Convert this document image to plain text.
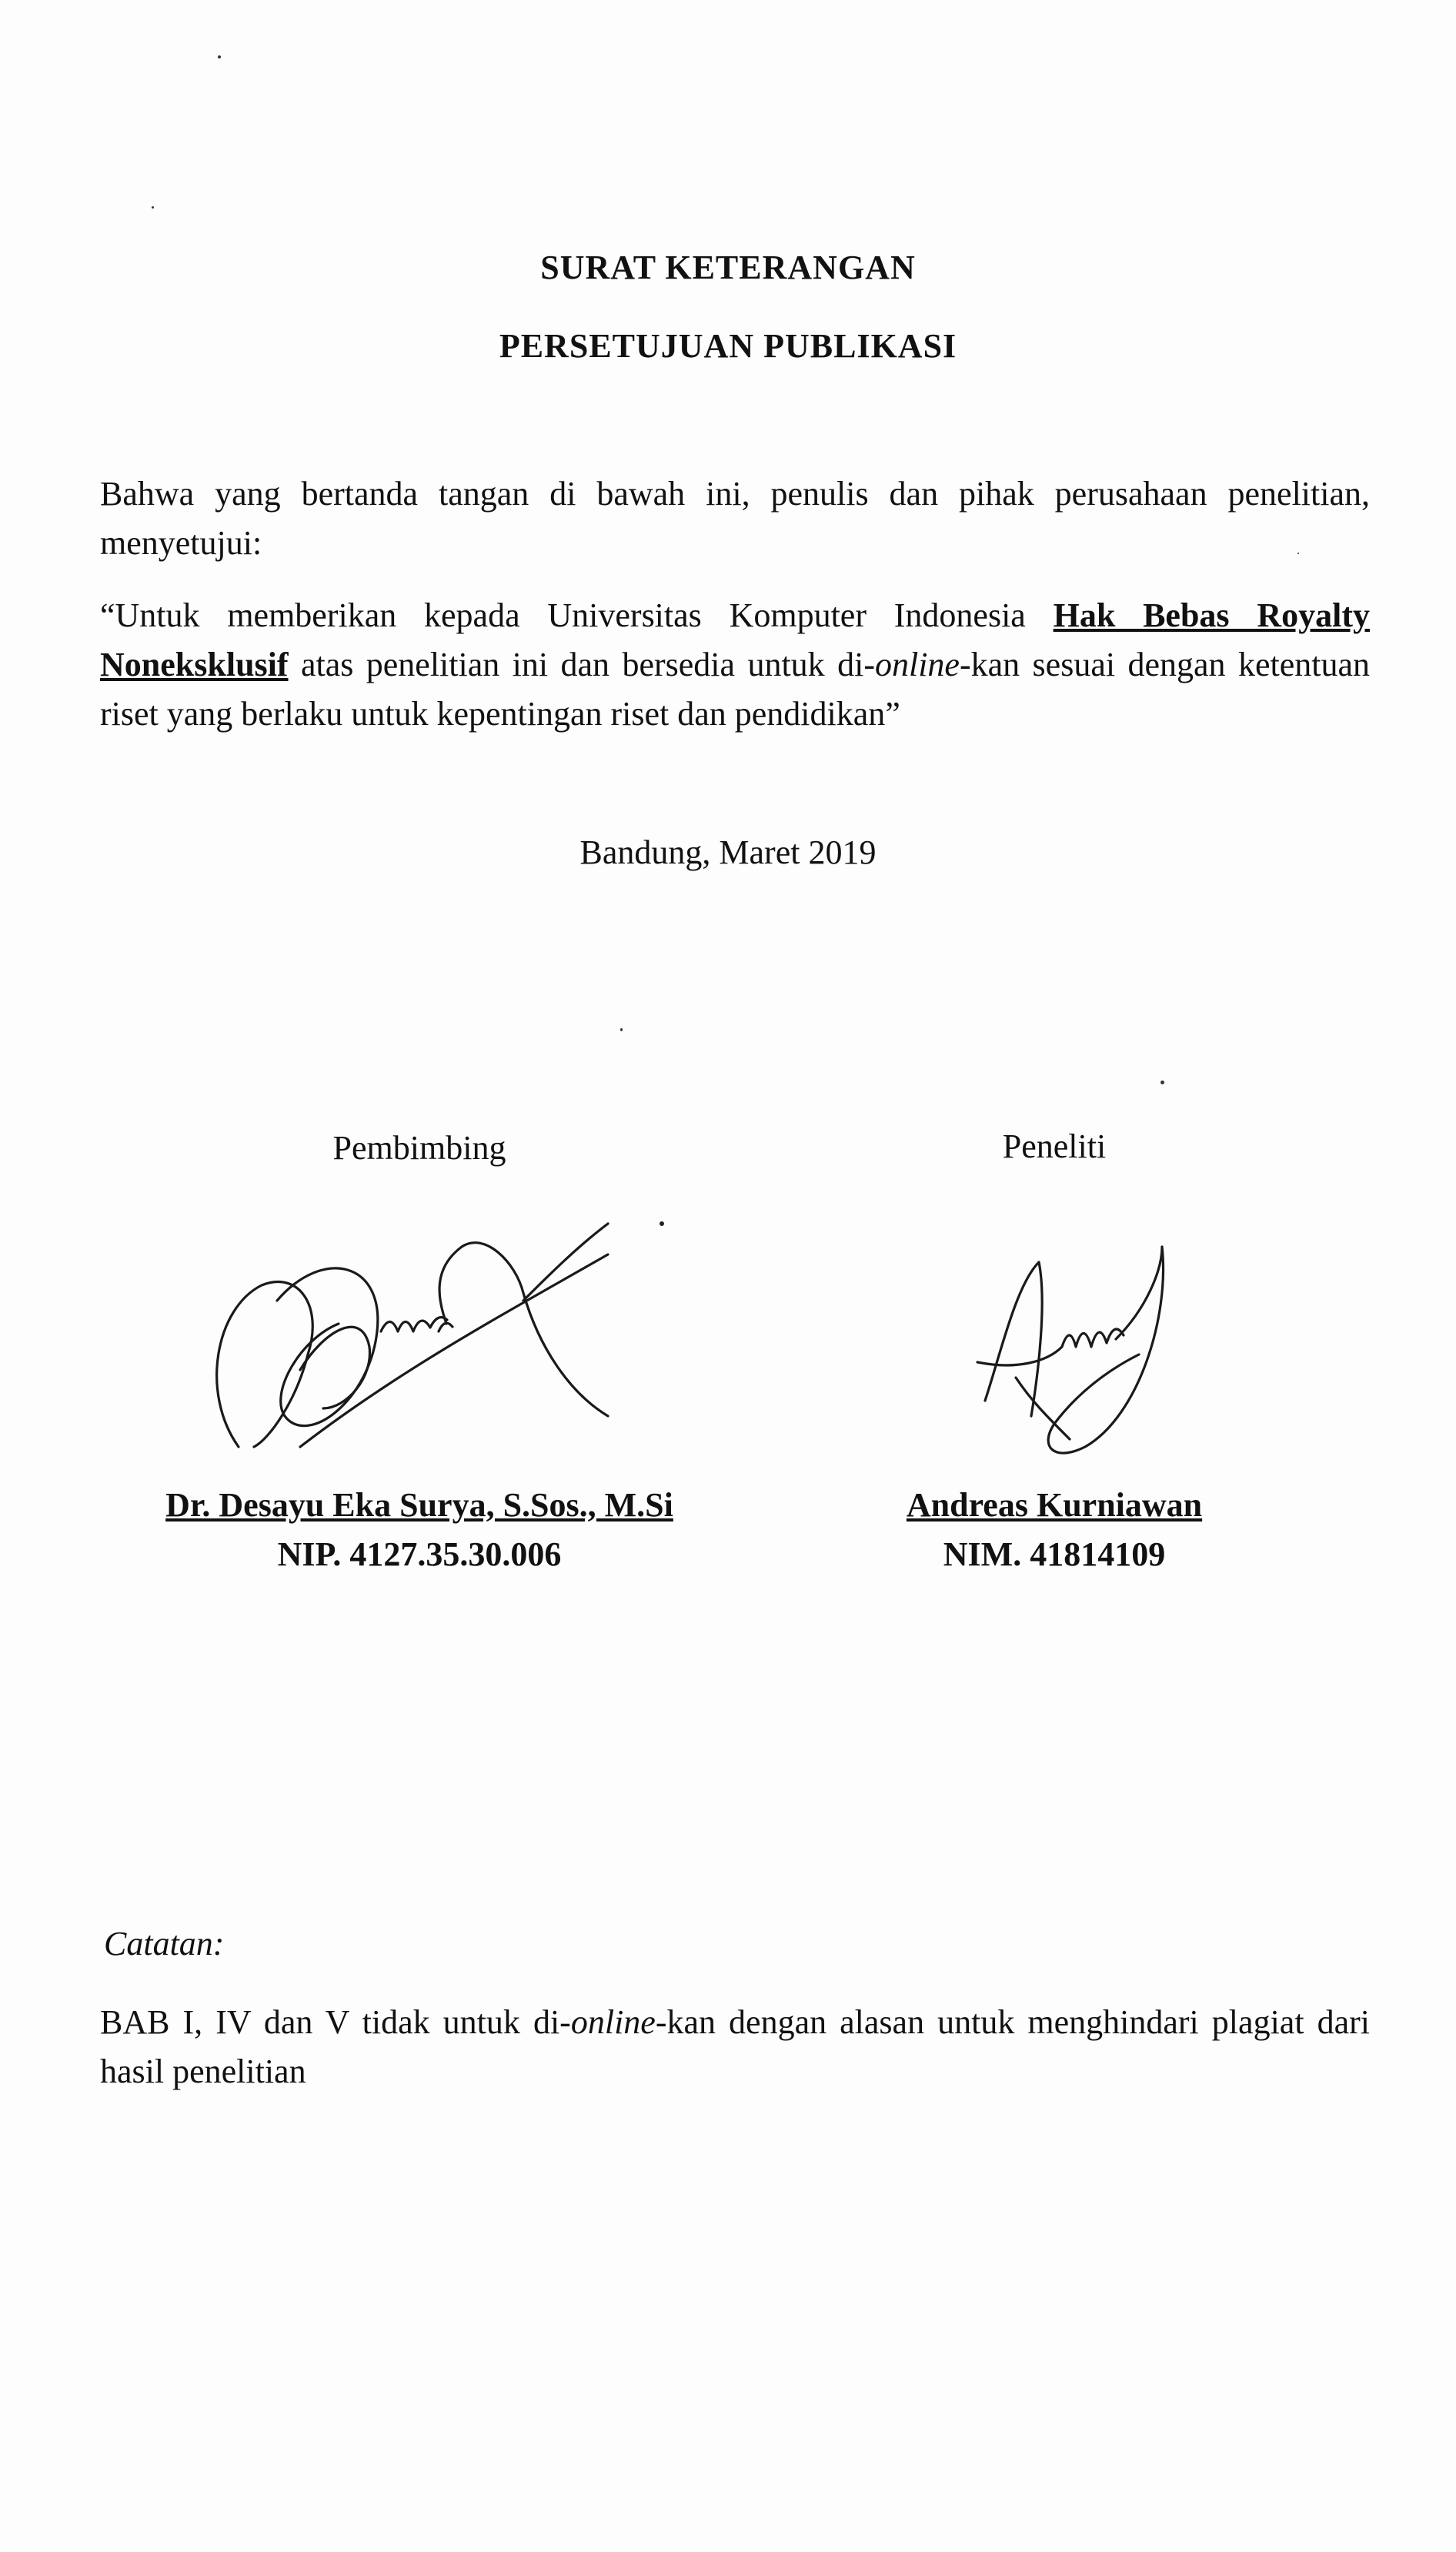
SURAT KETERANGAN
PERSETUJUAN PUBLIKASI
Bahwa yang bertanda tangan di bawah ini, penulis dan pihak perusahaan penelitian, menyetujui:
“Untuk memberikan kepada Universitas Komputer Indonesia Hak Bebas Royalty Noneksklusif atas penelitian ini dan bersedia untuk di-online-kan sesuai dengan ketentuan riset yang berlaku untuk kepentingan riset dan pendidikan”
Bandung, Maret 2019
Pembimbing	Peneliti
Dr. Desayu Eka Surya, S.Sos., M.Si
NIP. 4127.35.30.006
Andreas Kurniawan
NIM. 41814109
Catatan:
BAB I, IV dan V tidak untuk di-online-kan dengan alasan untuk menghindari plagiat dari hasil penelitian
